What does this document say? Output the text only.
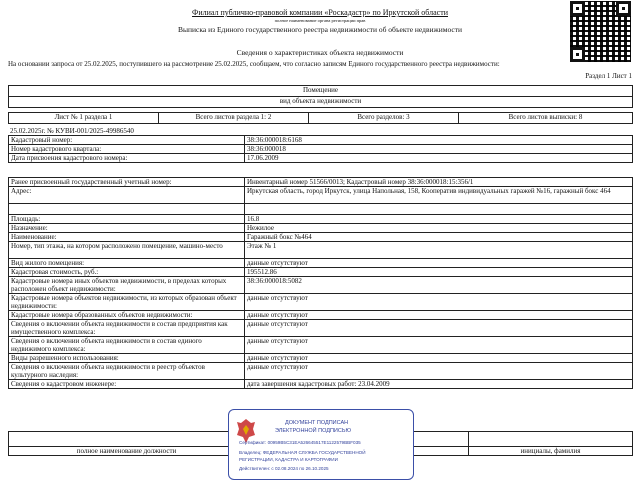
Филиал публично-правовой компании «Роскадастр» по Иркутской области
полное наименование органа регистрации прав
Выписка из Единого государственного реестра недвижимости об объекте недвижимости
Сведения о характеристиках объекта недвижимости
На основании запроса от 25.02.2025, поступившего на рассмотрение 25.02.2025, сообщаем, что согласно записям Единого государственного реестра недвижимости:
Раздел 1 Лист 1
Помещение
вид объекта недвижимости

Лист № 1 раздела 1	Всего листов раздела 1: 2	Всего разделов: 3	Всего листов выписки: 8
25.02.2025г. № КУВИ-001/2025-49986540
Кадастровый номер:	38:36:000018:6168
Номер кадастрового квартала:	38:36:000018
Дата присвоения кадастрового номера:	17.06.2009

Ранее присвоенный государственный учетный номер:	Инвентарный номер 51566/0013; Кадастровый номер 38:36:000018:15:356/1
Адрес:	Иркутская область, город Иркутск, улица Напольная, 158, Кооператив индивидуальных гаражей №16, гаражный бокс 464

Площадь:	16.8
Назначение:	Нежилое
Наименование:	Гаражный бокс №464
Номер, тип этажа, на котором расположено помещение, машино-место	Этаж № 1
Вид жилого помещения:	данные отсутствуют
Кадастровая стоимость, руб.:	195512.86
Кадастровые номера иных объектов недвижимости, в пределах которых расположен объект недвижимости:	38:36:000018:5082
Кадастровые номера объектов недвижимости, из которых образован объект недвижимости:	данные отсутствуют
Кадастровые номера образованных объектов недвижимости:	данные отсутствуют
Сведения о включении объекта недвижимости в состав предприятия как имущественного комплекса:	данные отсутствуют
Сведения о включении объекта недвижимости в состав единого недвижимого комплекса:	данные отсутствуют
Виды разрешенного использования:	данные отсутствуют
Сведения о включении объекта недвижимости в реестр объектов культурного наследия:	данные отсутствуют
Сведения о кадастровом инженере:	дата завершения кадастровых работ: 23.04.2009

полное наименование должности		инициалы, фамилия
ДОКУМЕНТ ПОДПИСАН
ЭЛЕКТРОННОЙ ПОДПИСЬЮ
Сертификат: 00959B5C31EA526645517E1122579BBF035
Владелец: ФЕДЕРАЛЬНАЯ СЛУЖБА ГОСУДАРСТВЕННОЙ
РЕГИСТРАЦИИ, КАДАСТРА И КАРТОГРАФИИ
Действителен: с 02.08.2024 по 26.10.2025
